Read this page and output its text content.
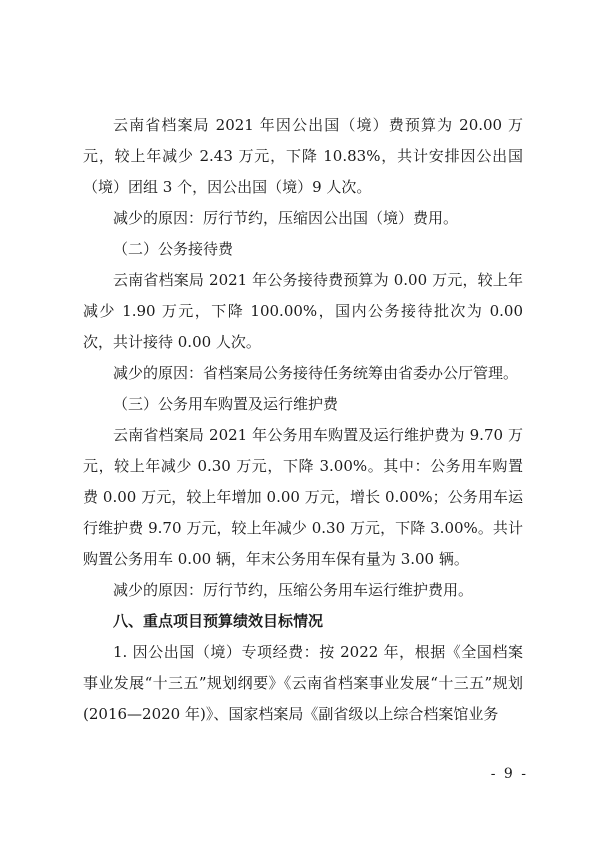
云南省档案局 2021 年因公出国（境）费预算为 20.00 万元，较上年减少 2.43 万元，下降 10.83%，共计安排因公出国（境）团组 3 个，因公出国（境）9 人次。

减少的原因：厉行节约，压缩因公出国（境）费用。

（二）公务接待费

云南省档案局 2021 年公务接待费预算为 0.00 万元，较上年减少 1.90 万元，下降 100.00%，国内公务接待批次为 0.00 次，共计接待 0.00 人次。

减少的原因：省档案局公务接待任务统筹由省委办公厅管理。

（三）公务用车购置及运行维护费

云南省档案局 2021 年公务用车购置及运行维护费为 9.70 万元，较上年减少 0.30 万元，下降 3.00%。其中：公务用车购置费 0.00 万元，较上年增加 0.00 万元，增长 0.00%；公务用车运行维护费 9.70 万元，较上年减少 0.30 万元，下降 3.00%。共计购置公务用车 0.00 辆，年末公务用车保有量为 3.00 辆。

减少的原因：厉行节约，压缩公务用车运行维护费用。

八、重点项目预算绩效目标情况

1. 因公出国（境）专项经费：按 2022 年，根据《全国档案事业发展“十三五”规划纲要》《云南省档案事业发展“十三五”规划(2016—2020 年)》、国家档案局《副省级以上综合档案馆业务

- 9 -
